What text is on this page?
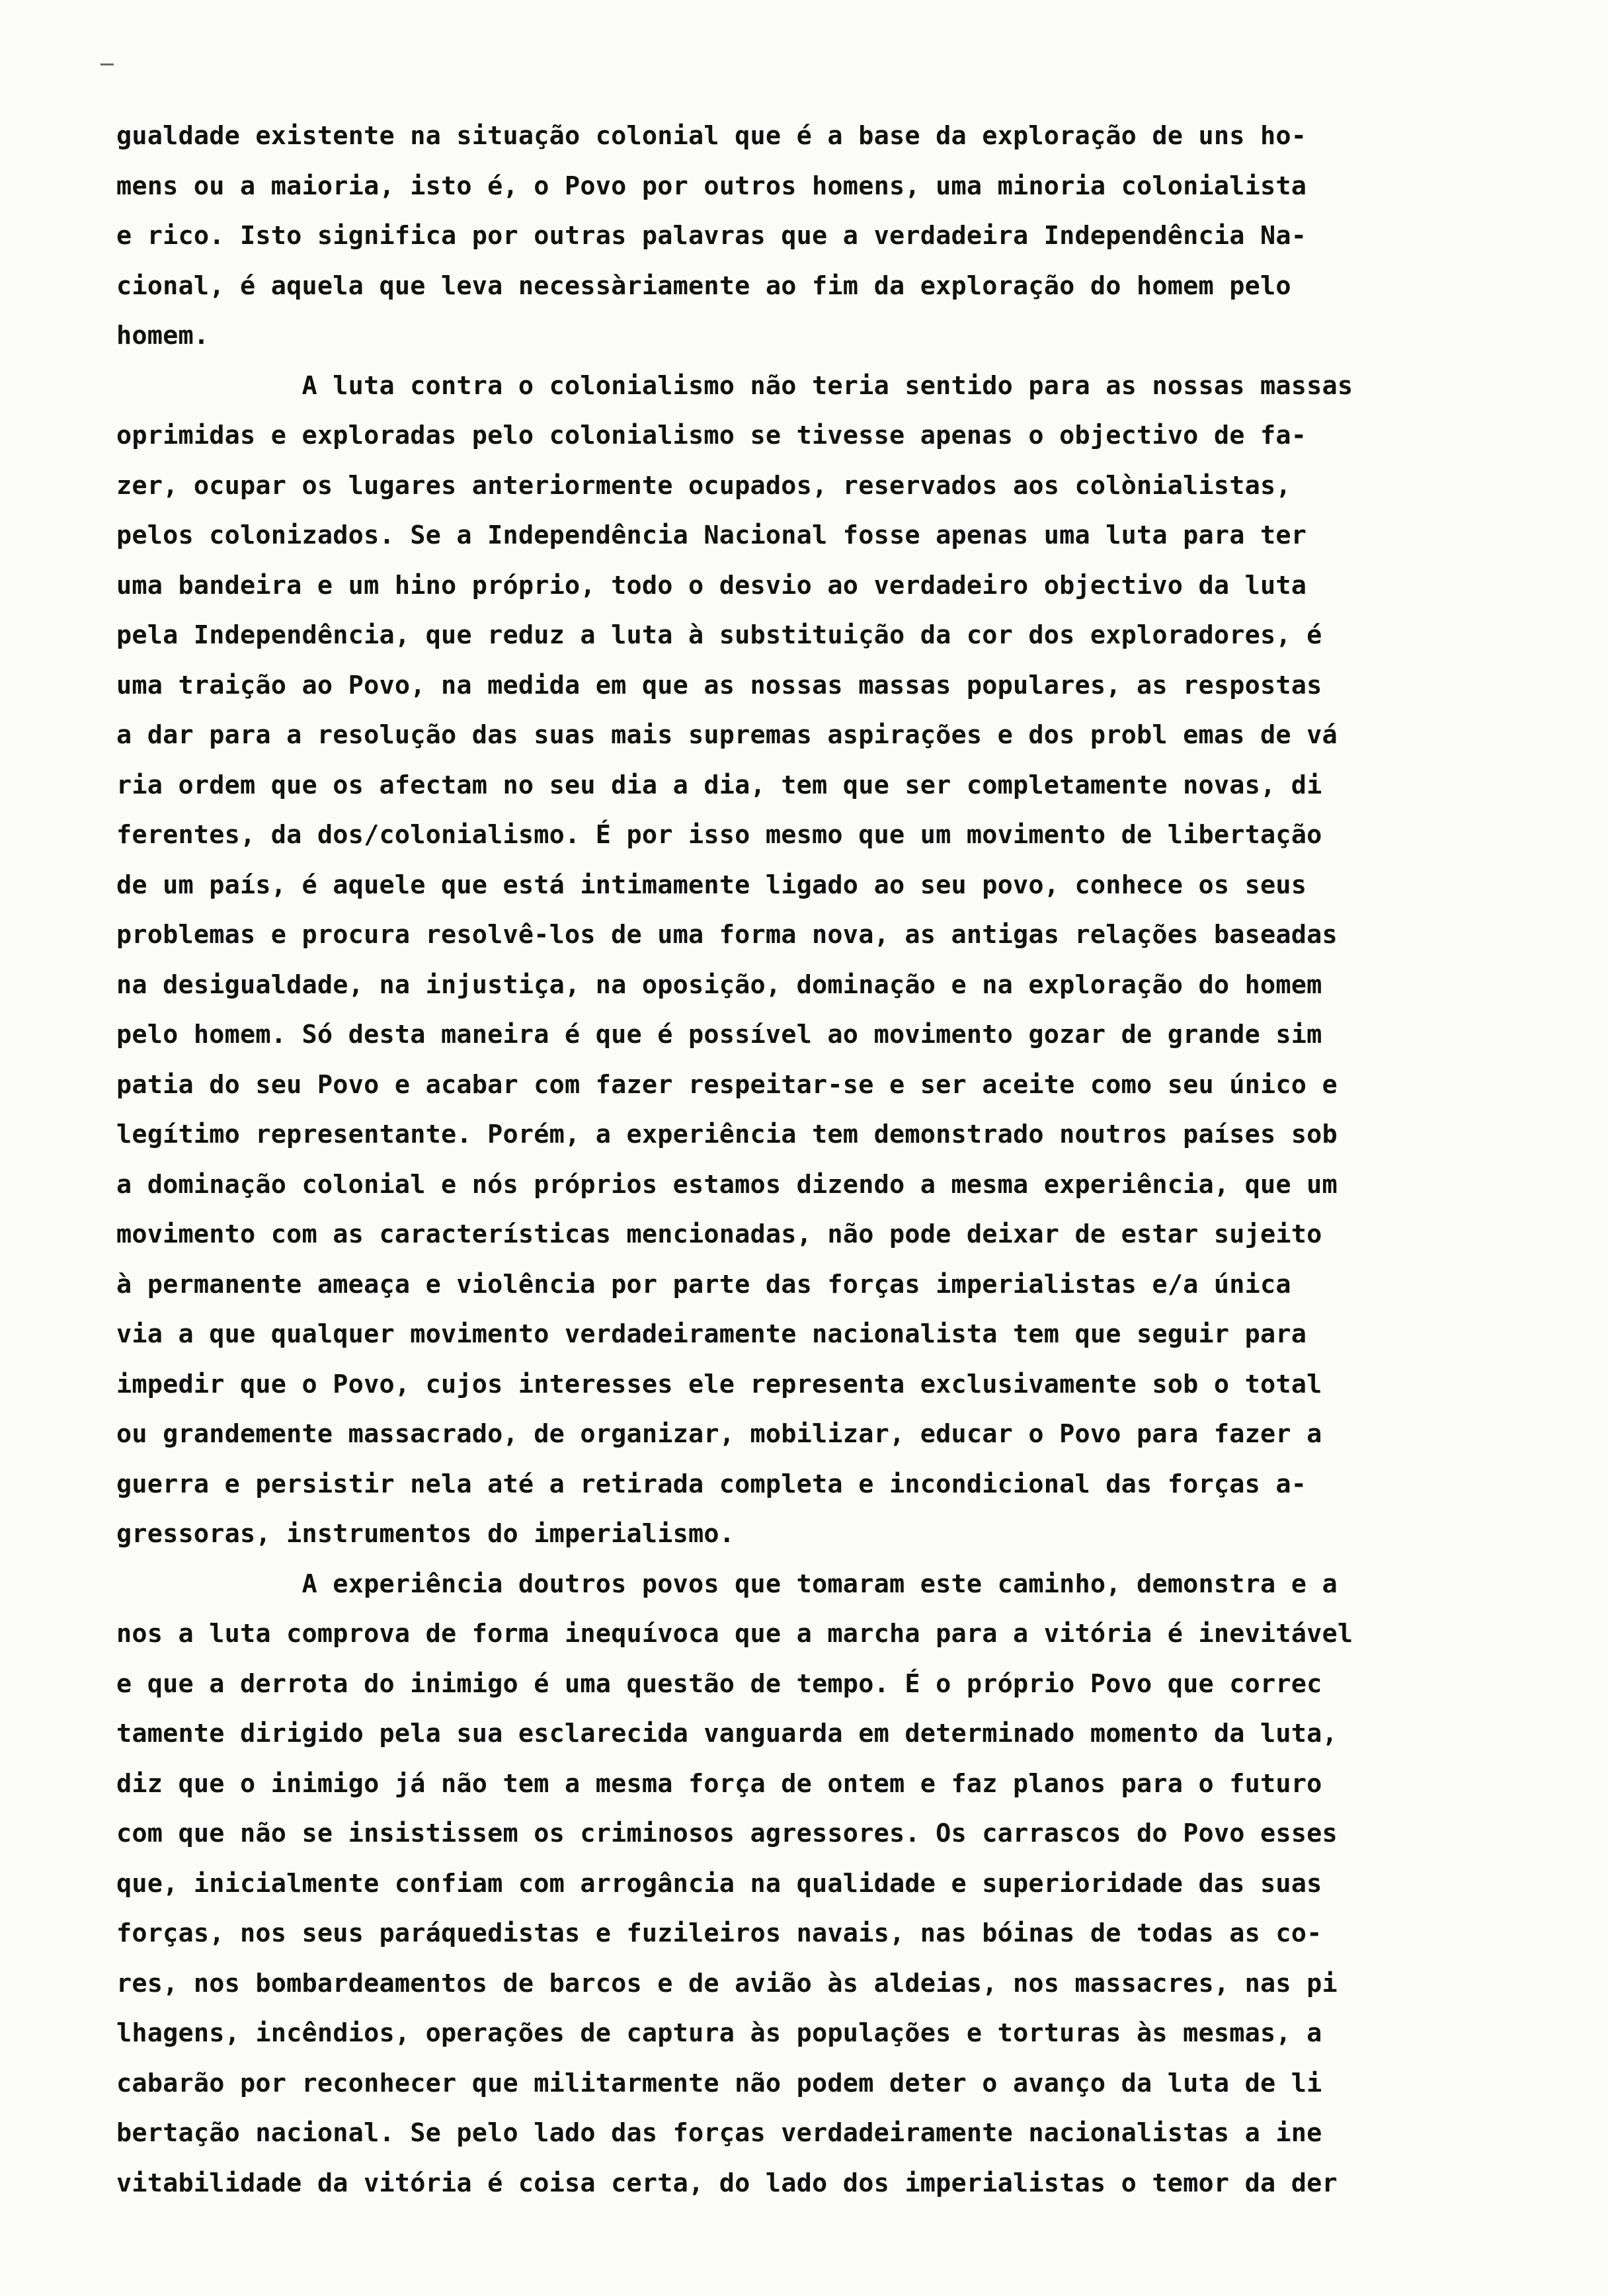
gualdade existente na situação colonial que é a base da exploração de uns ho-
mens ou a maioria, isto é, o Povo por outros homens, uma minoria colonialista
e rico. Isto significa por outras palavras que a verdadeira Independência Na-
cional, é aquela que leva necessàriamente ao fim da exploração do homem pelo
homem.
A luta contra o colonialismo não teria sentido para as nossas massas
oprimidas e exploradas pelo colonialismo se tivesse apenas o objectivo de fa-
zer, ocupar os lugares anteriormente ocupados, reservados aos colònialistas,
pelos colonizados. Se a Independência Nacional fosse apenas uma luta para ter
uma bandeira e um hino próprio, todo o desvio ao verdadeiro objectivo da luta
pela Independência, que reduz a luta à substituição da cor dos exploradores, é
uma traição ao Povo, na medida em que as nossas massas populares, as respostas
a dar para a resolução das suas mais supremas aspirações e dos probl emas de vá
ria ordem que os afectam no seu dia a dia, tem que ser completamente novas, di
ferentes, da dos/colonialismo. É por isso mesmo que um movimento de libertação
de um país, é aquele que está intimamente ligado ao seu povo, conhece os seus
problemas e procura resolvê-los de uma forma nova, as antigas relações baseadas
na desigualdade, na injustiça, na oposição, dominação e na exploração do homem
pelo homem. Só desta maneira é que é possível ao movimento gozar de grande sim
patia do seu Povo e acabar com fazer respeitar-se e ser aceite como seu único e
legítimo representante. Porém, a experiência tem demonstrado noutros países sob
a dominação colonial e nós próprios estamos dizendo a mesma experiência, que um
movimento com as características mencionadas, não pode deixar de estar sujeito
à permanente ameaça e violência por parte das forças imperialistas e/a única
via a que qualquer movimento verdadeiramente nacionalista tem que seguir para
impedir que o Povo, cujos interesses ele representa exclusivamente sob o total
ou grandemente massacrado, de organizar, mobilizar, educar o Povo para fazer a
guerra e persistir nela até a retirada completa e incondicional das forças a-
gressoras, instrumentos do imperialismo.
A experiência doutros povos que tomaram este caminho, demonstra e a
nos a luta comprova de forma inequívoca que a marcha para a vitória é inevitável
e que a derrota do inimigo é uma questão de tempo. É o próprio Povo que correc
tamente dirigido pela sua esclarecida vanguarda em determinado momento da luta,
diz que o inimigo já não tem a mesma força de ontem e faz planos para o futuro
com que não se insistissem os criminosos agressores. Os carrascos do Povo esses
que, inicialmente confiam com arrogância na qualidade e superioridade das suas
forças, nos seus paráquedistas e fuzileiros navais, nas bóinas de todas as co-
res, nos bombardeamentos de barcos e de avião às aldeias, nos massacres, nas pi
lhagens, incêndios, operações de captura às populações e torturas às mesmas, a
cabarão por reconhecer que militarmente não podem deter o avanço da luta de li
bertação nacional. Se pelo lado das forças verdadeiramente nacionalistas a ine
vitabilidade da vitória é coisa certa, do lado dos imperialistas o temor da der
